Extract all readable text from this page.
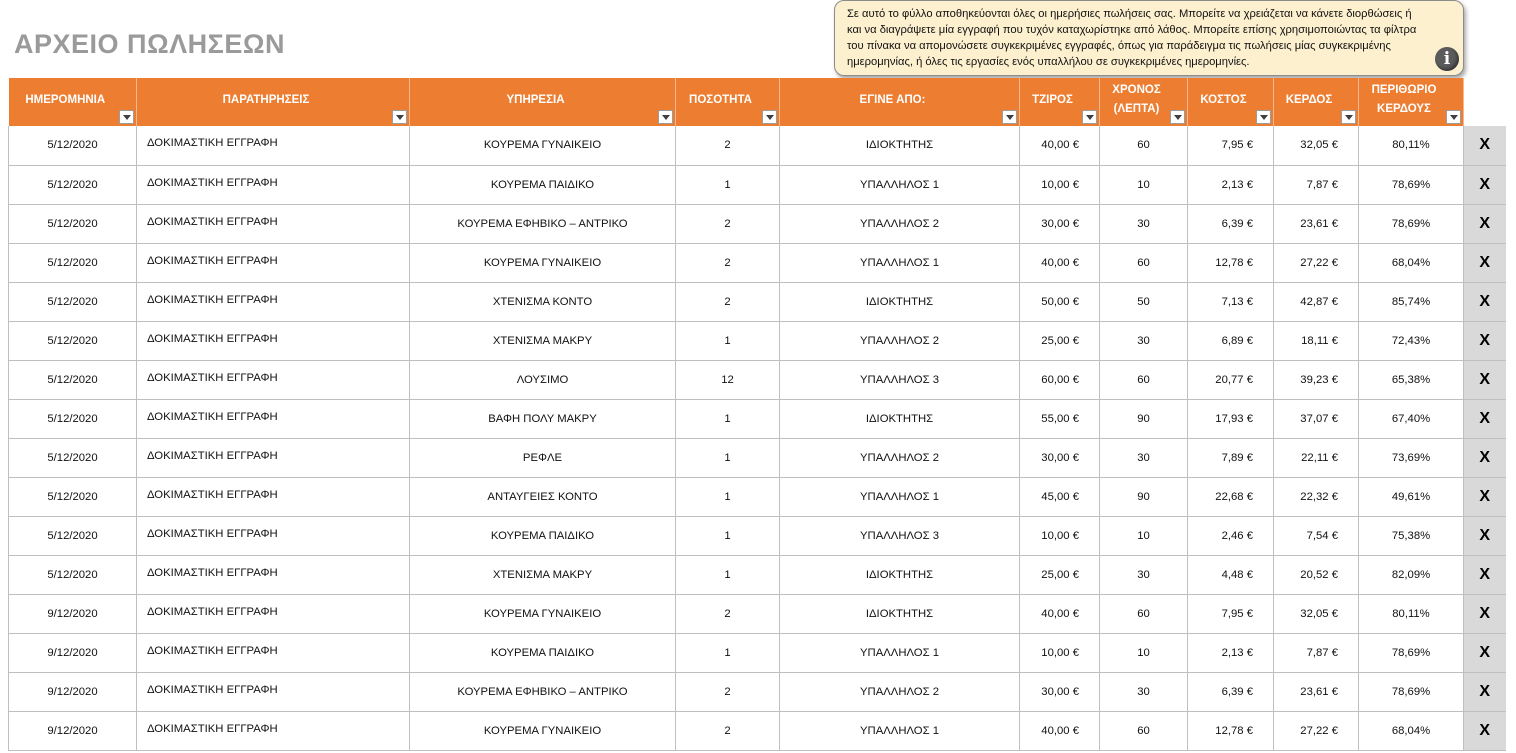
ΑΡΧΕΙΟ ΠΩΛΗΣΕΩΝ
Σε αυτό το φύλλο αποθηκεύονται όλες οι ημερήσιες πωλήσεις σας. Μπορείτε να χρειάζεται να κάνετε διορθώσεις ή και να διαγράψετε μία εγγραφή που τυχόν καταχωρίστηκε από λάθος. Μπορείτε επίσης χρησιμοποιώντας τα φίλτρα του πίνακα να απομονώσετε συγκεκριμένες εγγραφές, όπως για παράδειγμα τις πωλήσεις μίας συγκεκριμένης ημερομηνίας, ή όλες τις εργασίες ενός υπαλλήλου σε συγκεκριμένες ημερομηνίες.	i
ΗΜΕΡΟΜΗΝΙΑ	ΠΑΡΑΤΗΡΗΣΕΙΣ	ΥΠΗΡΕΣΙΑ	ΠΟΣΟΤΗΤΑ	ΕΓΙΝΕ ΑΠΟ:	ΤΖΙΡΟΣ	ΧΡΟΝΟΣ (ΛΕΠΤΑ)	ΚΟΣΤΟΣ	ΚΕΡΔΟΣ	ΠΕΡΙΘΩΡΙΟ ΚΕΡΔΟΥΣ

5/12/2020	ΔΟΚΙΜΑΣΤΙΚΗ ΕΓΓΡΑΦΗ	ΚΟΥΡΕΜΑ ΓΥΝΑΙΚΕΙΟ	2	ΙΔΙΟΚΤΗΤΗΣ	40,00 €	60	7,95 €	32,05 €	80,11%	X
5/12/2020	ΔΟΚΙΜΑΣΤΙΚΗ ΕΓΓΡΑΦΗ	ΚΟΥΡΕΜΑ ΠΑΙΔΙΚΟ	1	ΥΠΑΛΛΗΛΟΣ 1	10,00 €	10	2,13 €	7,87 €	78,69%	X
5/12/2020	ΔΟΚΙΜΑΣΤΙΚΗ ΕΓΓΡΑΦΗ	ΚΟΥΡΕΜΑ ΕΦΗΒΙΚΟ – ΑΝΤΡΙΚΟ	2	ΥΠΑΛΛΗΛΟΣ 2	30,00 €	30	6,39 €	23,61 €	78,69%	X
5/12/2020	ΔΟΚΙΜΑΣΤΙΚΗ ΕΓΓΡΑΦΗ	ΚΟΥΡΕΜΑ ΓΥΝΑΙΚΕΙΟ	2	ΥΠΑΛΛΗΛΟΣ 1	40,00 €	60	12,78 €	27,22 €	68,04%	X
5/12/2020	ΔΟΚΙΜΑΣΤΙΚΗ ΕΓΓΡΑΦΗ	ΧΤΕΝΙΣΜΑ ΚΟΝΤΟ	2	ΙΔΙΟΚΤΗΤΗΣ	50,00 €	50	7,13 €	42,87 €	85,74%	X
5/12/2020	ΔΟΚΙΜΑΣΤΙΚΗ ΕΓΓΡΑΦΗ	ΧΤΕΝΙΣΜΑ ΜΑΚΡΥ	1	ΥΠΑΛΛΗΛΟΣ 2	25,00 €	30	6,89 €	18,11 €	72,43%	X
5/12/2020	ΔΟΚΙΜΑΣΤΙΚΗ ΕΓΓΡΑΦΗ	ΛΟΥΣΙΜΟ	12	ΥΠΑΛΛΗΛΟΣ 3	60,00 €	60	20,77 €	39,23 €	65,38%	X
5/12/2020	ΔΟΚΙΜΑΣΤΙΚΗ ΕΓΓΡΑΦΗ	ΒΑΦΗ ΠΟΛΥ ΜΑΚΡΥ	1	ΙΔΙΟΚΤΗΤΗΣ	55,00 €	90	17,93 €	37,07 €	67,40%	X
5/12/2020	ΔΟΚΙΜΑΣΤΙΚΗ ΕΓΓΡΑΦΗ	ΡΕΦΛΕ	1	ΥΠΑΛΛΗΛΟΣ 2	30,00 €	30	7,89 €	22,11 €	73,69%	X
5/12/2020	ΔΟΚΙΜΑΣΤΙΚΗ ΕΓΓΡΑΦΗ	ΑΝΤΑΥΓΕΙΕΣ ΚΟΝΤΟ	1	ΥΠΑΛΛΗΛΟΣ 1	45,00 €	90	22,68 €	22,32 €	49,61%	X
5/12/2020	ΔΟΚΙΜΑΣΤΙΚΗ ΕΓΓΡΑΦΗ	ΚΟΥΡΕΜΑ ΠΑΙΔΙΚΟ	1	ΥΠΑΛΛΗΛΟΣ 3	10,00 €	10	2,46 €	7,54 €	75,38%	X
5/12/2020	ΔΟΚΙΜΑΣΤΙΚΗ ΕΓΓΡΑΦΗ	ΧΤΕΝΙΣΜΑ ΜΑΚΡΥ	1	ΙΔΙΟΚΤΗΤΗΣ	25,00 €	30	4,48 €	20,52 €	82,09%	X
9/12/2020	ΔΟΚΙΜΑΣΤΙΚΗ ΕΓΓΡΑΦΗ	ΚΟΥΡΕΜΑ ΓΥΝΑΙΚΕΙΟ	2	ΙΔΙΟΚΤΗΤΗΣ	40,00 €	60	7,95 €	32,05 €	80,11%	X
9/12/2020	ΔΟΚΙΜΑΣΤΙΚΗ ΕΓΓΡΑΦΗ	ΚΟΥΡΕΜΑ ΠΑΙΔΙΚΟ	1	ΥΠΑΛΛΗΛΟΣ 1	10,00 €	10	2,13 €	7,87 €	78,69%	X
9/12/2020	ΔΟΚΙΜΑΣΤΙΚΗ ΕΓΓΡΑΦΗ	ΚΟΥΡΕΜΑ ΕΦΗΒΙΚΟ – ΑΝΤΡΙΚΟ	2	ΥΠΑΛΛΗΛΟΣ 2	30,00 €	30	6,39 €	23,61 €	78,69%	X
9/12/2020	ΔΟΚΙΜΑΣΤΙΚΗ ΕΓΓΡΑΦΗ	ΚΟΥΡΕΜΑ ΓΥΝΑΙΚΕΙΟ	2	ΥΠΑΛΛΗΛΟΣ 1	40,00 €	60	12,78 €	27,22 €	68,04%	X
